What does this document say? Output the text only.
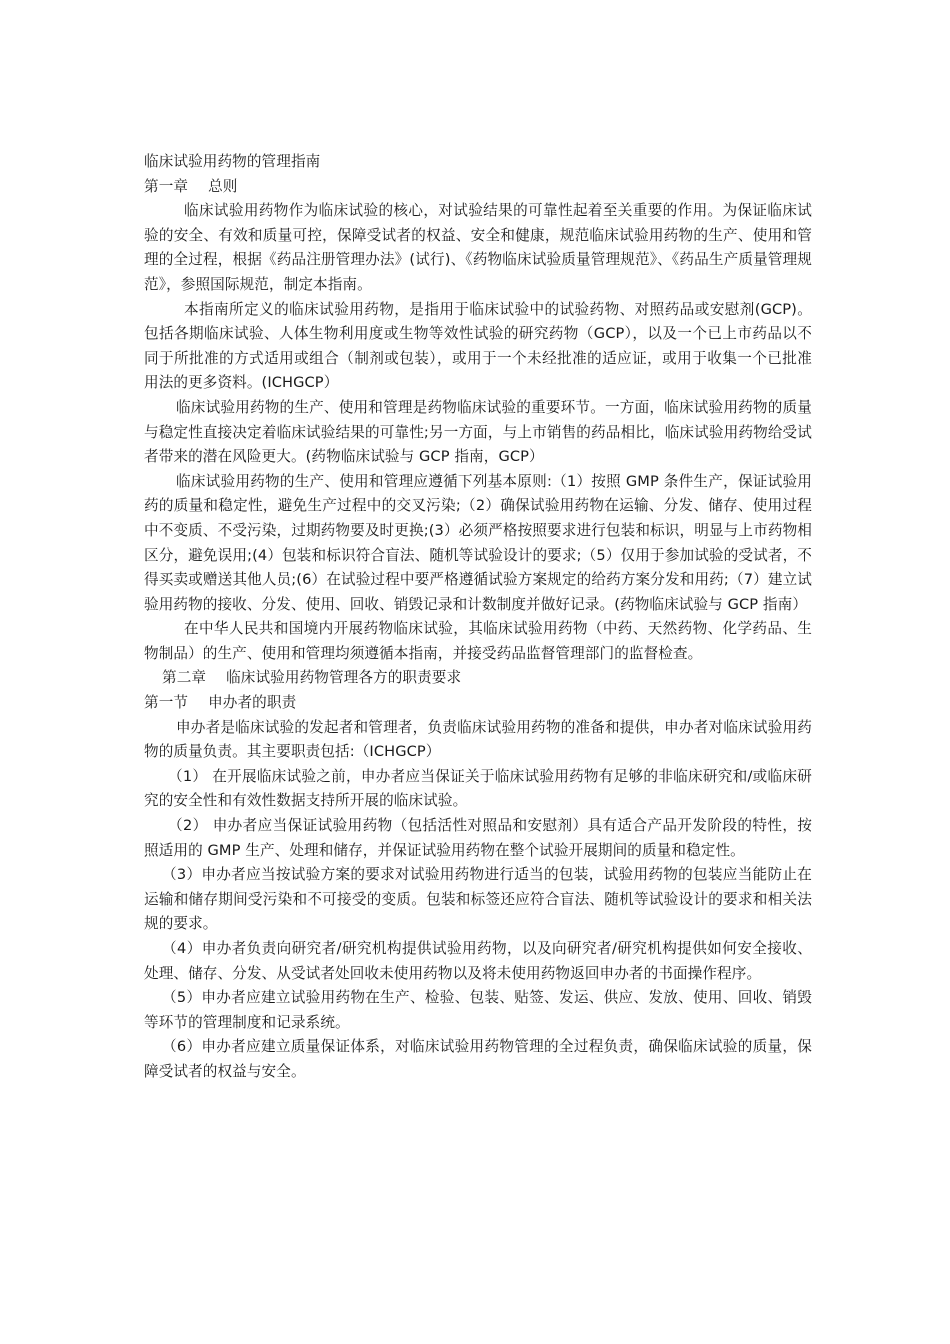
临床试验用药物的管理指南

第一章 总则

临床试验用药物作为临床试验的核心，对试验结果的可靠性起着至关重要的作用。为保证临床试验的安全、有效和质量可控，保障受试者的权益、安全和健康，规范临床试验用药物的生产、使用和管理的全过程，根据《药品注册管理办法》(试行)、《药物临床试验质量管理规范》、《药品生产质量管理规范》，参照国际规范，制定本指南。

本指南所定义的临床试验用药物，是指用于临床试验中的试验药物、对照药品或安慰剂(GCP)。包括各期临床试验、人体生物利用度或生物等效性试验的研究药物（GCP），以及一个已上市药品以不同于所批准的方式适用或组合（制剂或包装），或用于一个未经批准的适应证，或用于收集一个已批准用法的更多资料。(ICHGCP）

临床试验用药物的生产、使用和管理是药物临床试验的重要环节。一方面，临床试验用药物的质量与稳定性直接决定着临床试验结果的可靠性;另一方面，与上市销售的药品相比，临床试验用药物给受试者带来的潜在风险更大。(药物临床试验与 GCP 指南，GCP）

临床试验用药物的生产、使用和管理应遵循下列基本原则:（1）按照 GMP 条件生产，保证试验用药的质量和稳定性，避免生产过程中的交叉污染;（2）确保试验用药物在运输、分发、储存、使用过程中不变质、不受污染，过期药物要及时更换;(3）必须严格按照要求进行包装和标识，明显与上市药物相区分，避免误用;(4）包装和标识符合盲法、随机等试验设计的要求;（5）仅用于参加试验的受试者，不得买卖或赠送其他人员;(6）在试验过程中要严格遵循试验方案规定的给药方案分发和用药;（7）建立试验用药物的接收、分发、使用、回收、销毁记录和计数制度并做好记录。(药物临床试验与 GCP 指南）

在中华人民共和国境内开展药物临床试验，其临床试验用药物（中药、天然药物、化学药品、生物制品）的生产、使用和管理均须遵循本指南，并接受药品监督管理部门的监督检查。

第二章 临床试验用药物管理各方的职责要求

第一节 申办者的职责

申办者是临床试验的发起者和管理者，负责临床试验用药物的准备和提供，申办者对临床试验用药物的质量负责。其主要职责包括:（ICHGCP）

（1） 在开展临床试验之前，申办者应当保证关于临床试验用药物有足够的非临床研究和/或临床研究的安全性和有效性数据支持所开展的临床试验。

（2） 申办者应当保证试验用药物（包括活性对照品和安慰剂）具有适合产品开发阶段的特性，按照适用的 GMP 生产、处理和储存，并保证试验用药物在整个试验开展期间的质量和稳定性。

（3）申办者应当按试验方案的要求对试验用药物进行适当的包装，试验用药物的包装应当能防止在运输和储存期间受污染和不可接受的变质。包装和标签还应符合盲法、随机等试验设计的要求和相关法规的要求。

（4）申办者负责向研究者/研究机构提供试验用药物，以及向研究者/研究机构提供如何安全接收、处理、储存、分发、从受试者处回收未使用药物以及将未使用药物返回申办者的书面操作程序。

（5）申办者应建立试验用药物在生产、检验、包装、贴签、发运、供应、发放、使用、回收、销毁等环节的管理制度和记录系统。

（6）申办者应建立质量保证体系，对临床试验用药物管理的全过程负责，确保临床试验的质量，保障受试者的权益与安全。
